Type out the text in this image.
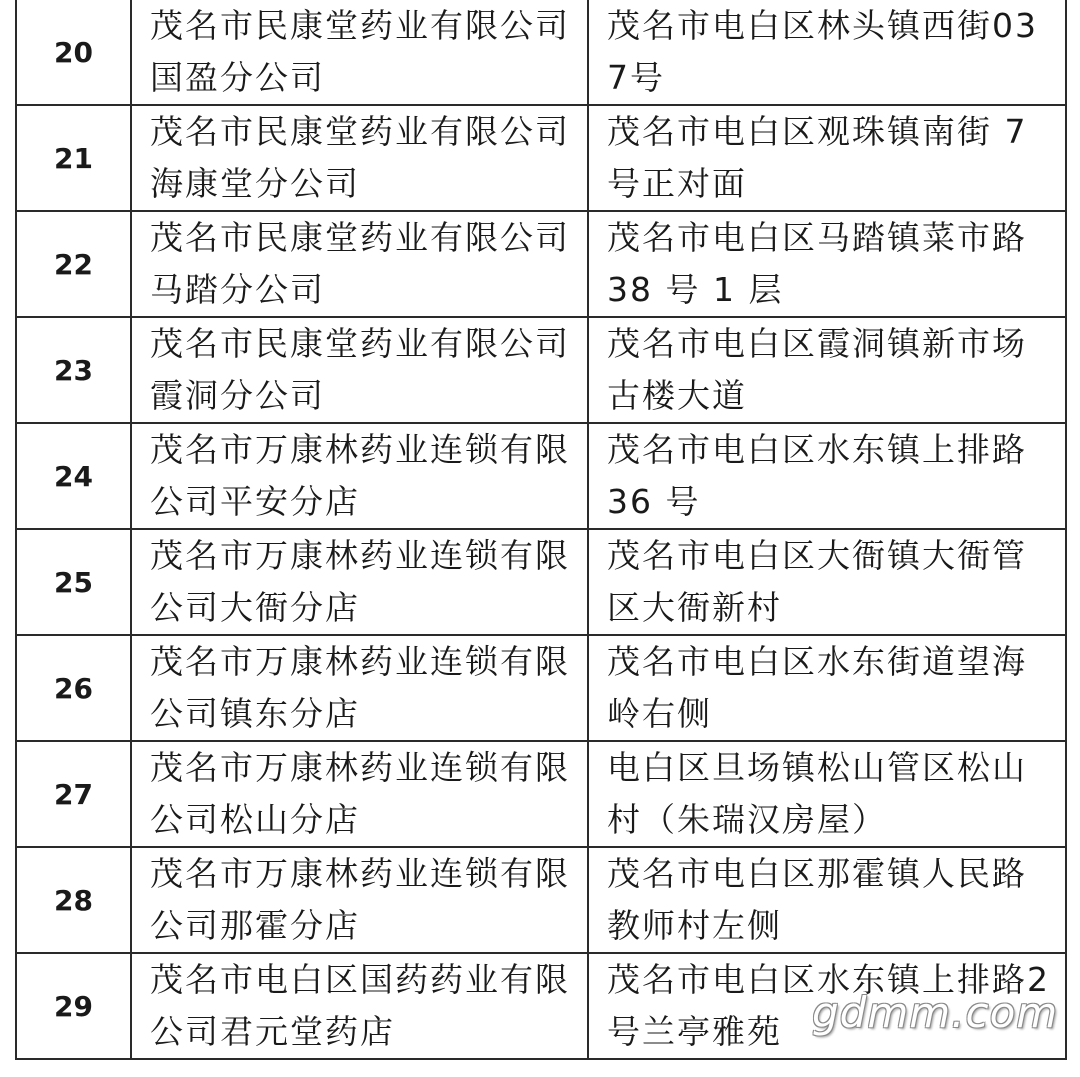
20	茂名市民康堂药业有限公司国盈分公司	茂名市电白区林头镇西街037号
21	茂名市民康堂药业有限公司海康堂分公司	茂名市电白区观珠镇南街 7 号正对面
22	茂名市民康堂药业有限公司马踏分公司	茂名市电白区马踏镇菜市路 38 号 1 层
23	茂名市民康堂药业有限公司霞洞分公司	茂名市电白区霞洞镇新市场古楼大道
24	茂名市万康林药业连锁有限公司平安分店	茂名市电白区水东镇上排路 36 号
25	茂名市万康林药业连锁有限公司大衙分店	茂名市电白区大衙镇大衙管区大衙新村
26	茂名市万康林药业连锁有限公司镇东分店	茂名市电白区水东街道望海岭右侧
27	茂名市万康林药业连锁有限公司松山分店	电白区旦场镇松山管区松山村（朱瑞汉房屋）
28	茂名市万康林药业连锁有限公司那霍分店	茂名市电白区那霍镇人民路教师村左侧
29	茂名市电白区国药药业有限公司君元堂药店	茂名市电白区水东镇上排路2号兰亭雅苑 gdmm.com
